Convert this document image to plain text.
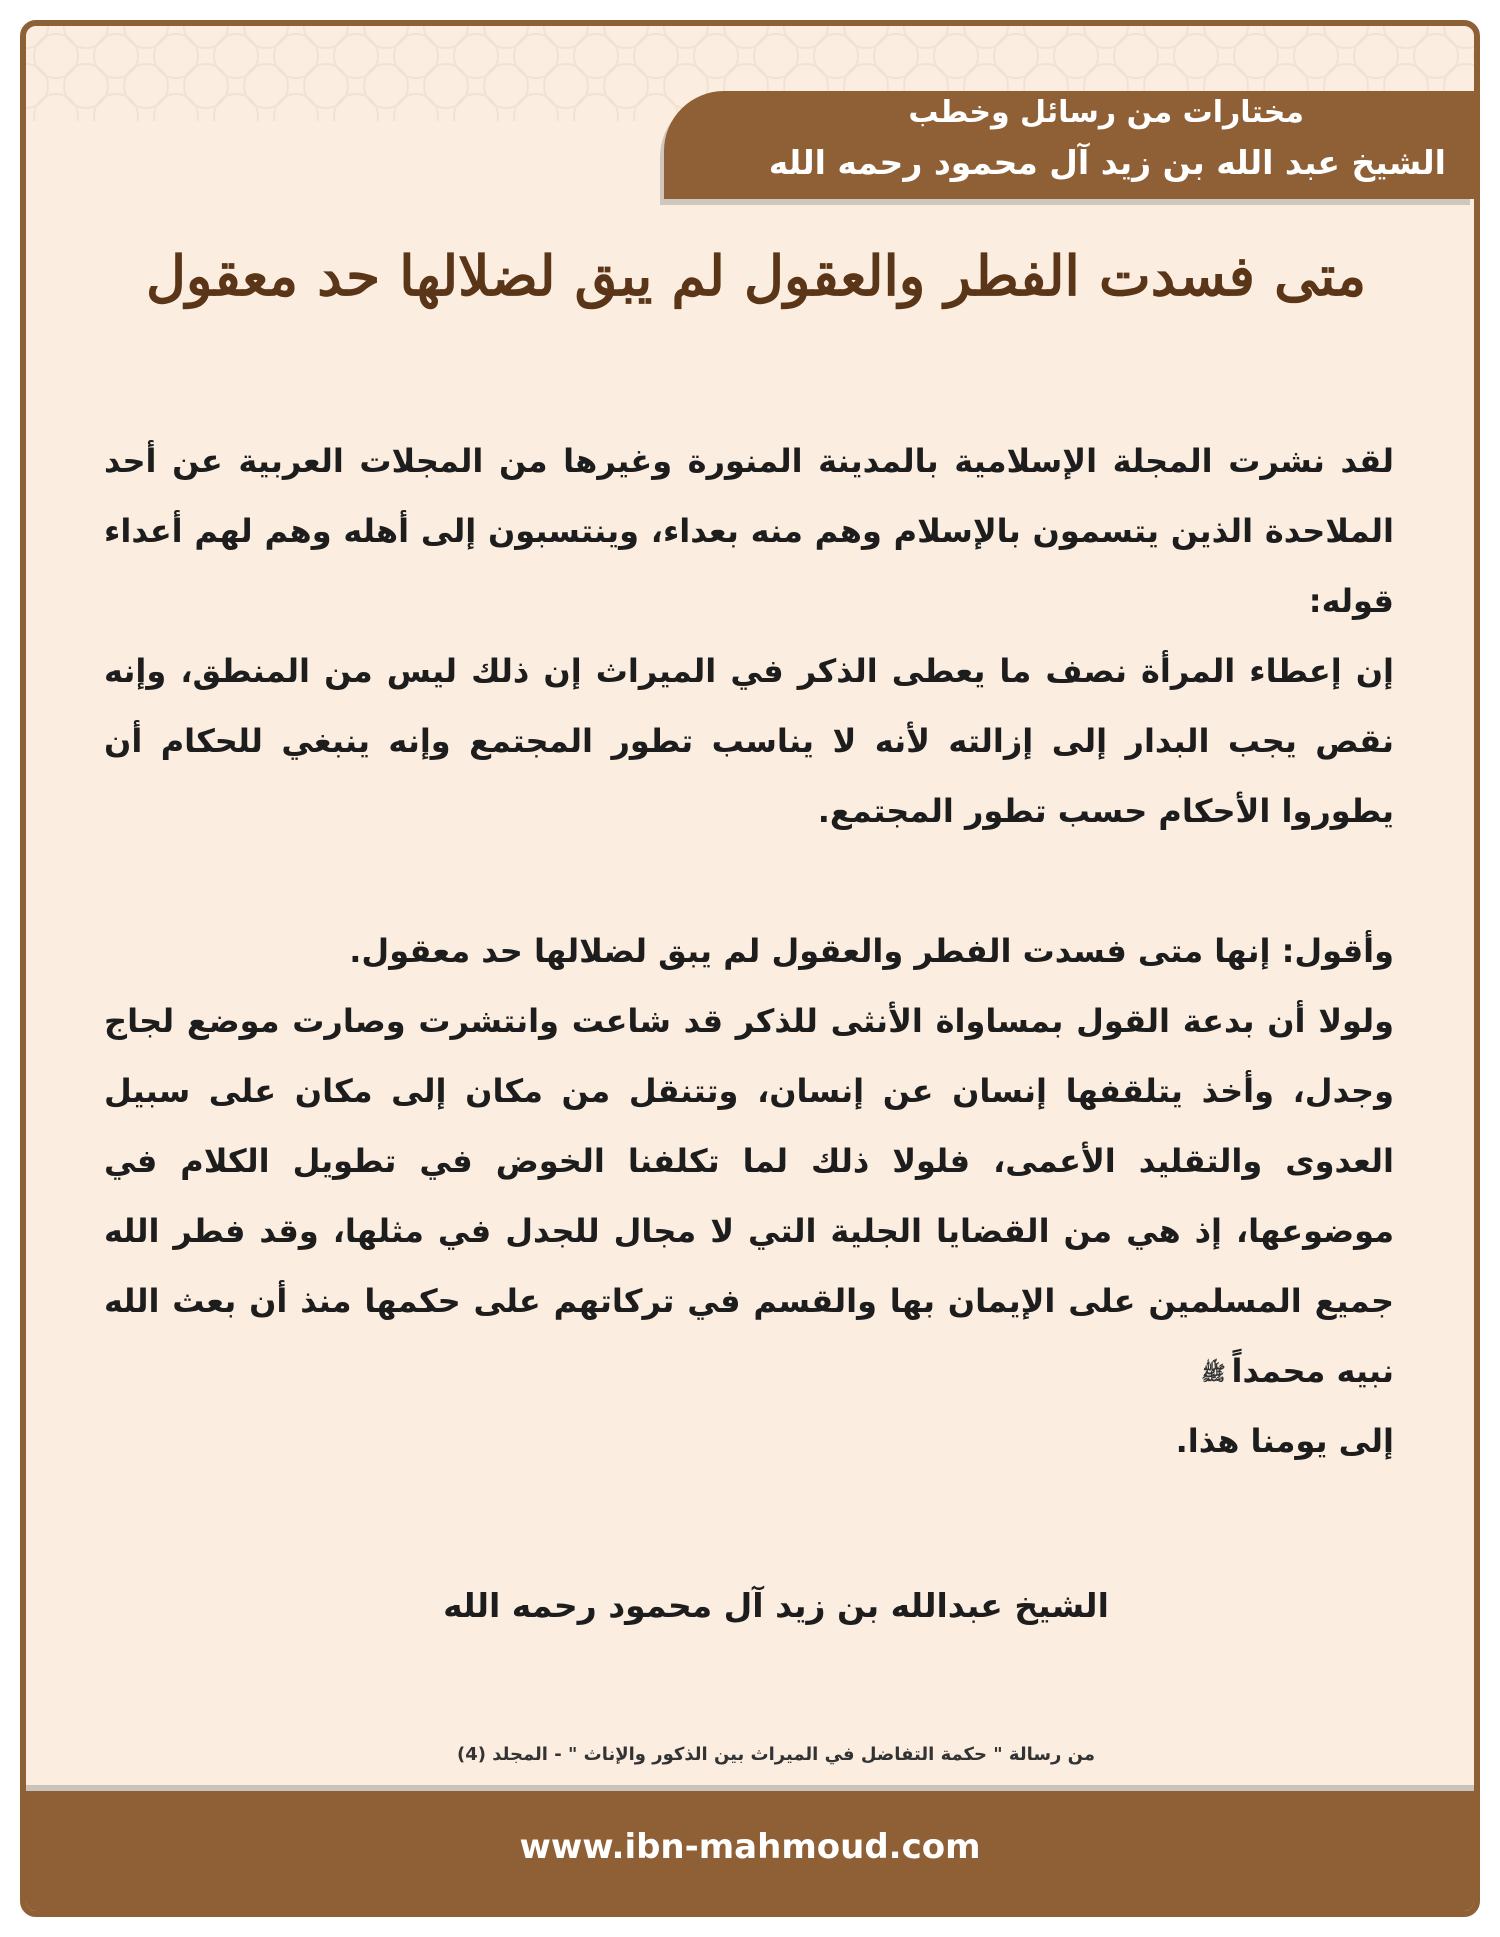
مختارات من رسائل وخطب
الشيخ عبد الله بن زيد آل محمود رحمه الله
متى فسدت الفطر والعقول لم يبق لضلالها حد معقول

لقد نشرت المجلة الإسلامية بالمدينة المنورة وغيرها من المجلات العربية عن أحد الملاحدة الذين يتسمون بالإسلام وهم منه بعداء، وينتسبون إلى أهله وهم لهم أعداء قوله:

إن إعطاء المرأة نصف ما يعطى الذكر في الميراث إن ذلك ليس من المنطق، وإنه نقص يجب البدار إلى إزالته لأنه لا يناسب تطور المجتمع وإنه ينبغي للحكام أن يطوروا الأحكام حسب تطور المجتمع.

وأقول: إنها متى فسدت الفطر والعقول لم يبق لضلالها حد معقول.

ولولا أن بدعة القول بمساواة الأنثى للذكر قد شاعت وانتشرت وصارت موضع لجاج وجدل، وأخذ يتلقفها إنسان عن إنسان، وتتنقل من مكان إلى مكان على سبيل العدوى والتقليد الأعمى، فلولا ذلك لما تكلفنا الخوض في تطويل الكلام في موضوعها، إذ هي من القضايا الجلية التي لا مجال للجدل في مثلها، وقد فطر الله جميع المسلمين على الإيمان بها والقسم في تركاتهم على حكمها منذ أن بعث الله نبيه محمداًﷺ
إلى يومنا هذا.

الشيخ عبدالله بن زيد آل محمود رحمه الله
من رسالة " حكمة التفاضل في الميراث بين الذكور والإناث " - المجلد (4)
www.ibn-mahmoud.com
